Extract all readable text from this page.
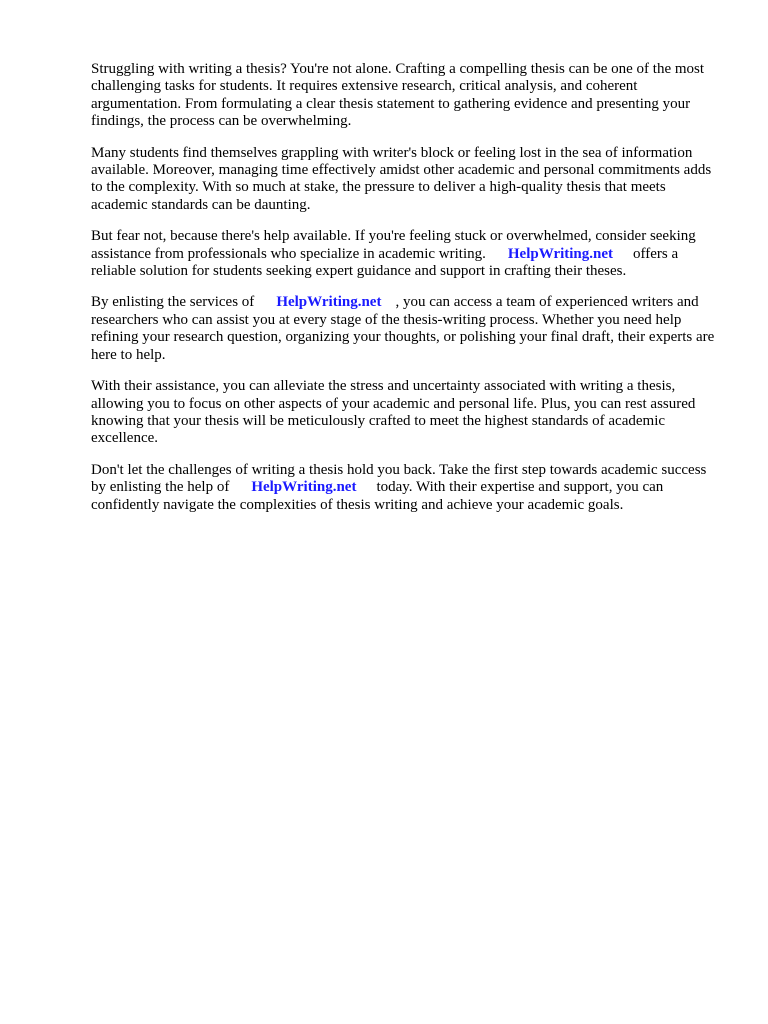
Struggling with writing a thesis? You're not alone. Crafting a compelling thesis can be one of the most challenging tasks for students. It requires extensive research, critical analysis, and coherent argumentation. From formulating a clear thesis statement to gathering evidence and presenting your findings, the process can be overwhelming.

Many students find themselves grappling with writer's block or feeling lost in the sea of information available. Moreover, managing time effectively amidst other academic and personal commitments adds to the complexity. With so much at stake, the pressure to deliver a high-quality thesis that meets academic standards can be daunting.

But fear not, because there's help available. If you're feeling stuck or overwhelmed, consider seeking assistance from professionals who specialize in academic writing. HelpWriting.net offers a reliable solution for students seeking expert guidance and support in crafting their theses.

By enlisting the services of HelpWriting.net , you can access a team of experienced writers and researchers who can assist you at every stage of the thesis-writing process. Whether you need help refining your research question, organizing your thoughts, or polishing your final draft, their experts are here to help.

With their assistance, you can alleviate the stress and uncertainty associated with writing a thesis, allowing you to focus on other aspects of your academic and personal life. Plus, you can rest assured knowing that your thesis will be meticulously crafted to meet the highest standards of academic excellence.

Don't let the challenges of writing a thesis hold you back. Take the first step towards academic success by enlisting the help of HelpWriting.net today. With their expertise and support, you can confidently navigate the complexities of thesis writing and achieve your academic goals.
